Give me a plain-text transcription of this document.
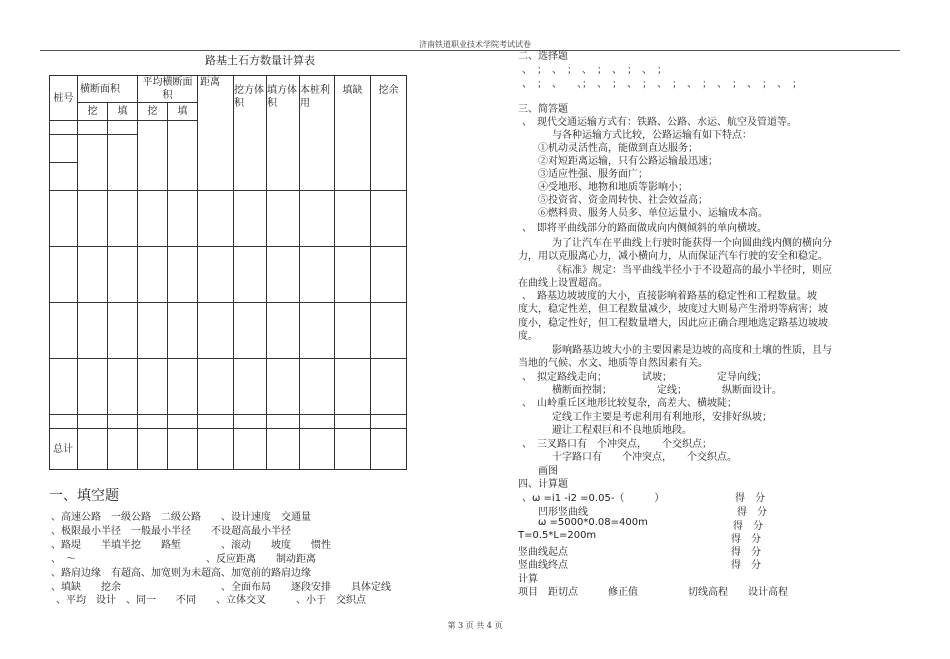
济南铁道职业技术学院考试试卷
路基土石方数量计算表
桩号	横断面积		平均横断面积		距离	挖方体积	填方体积	本桩利用	填缺	挖余
	挖	填	挖	填						

总计										
一、填空题
、高速公路　一级公路　二级公路　　、设计速度　交通量
、极限最小半径　一般最小半径　　不设超高最小半径
、路堤　　半填半挖　　路堑　　　　、滚动　　坡度　　惯性
、　～　　　　　　　　　　　　　、反应距离　　制动距离
、路肩边缘　有超高、加宽则为未超高、加宽前的路肩边缘
、填缺　　挖余　　　　　　　　　　、全面布局　　逐段安排　　具体定线
、平均　设计　、同一　　不同　　、立体交叉　　　、小于　交织点
二、选择题
、　；　、　；　、　；　、　；　、　；
、　；　、　　、；　、　；　、　；　、　；　、　；　、　；　、　；　、　；
三、简答题
、　现代交通运输方式有：铁路、公路、水运、航空及管道等。
与各种运输方式比较，公路运输有如下特点：
①机动灵活性高，能做到直达服务；
②对短距离运输，只有公路运输最迅速；
③适应性强、服务面广；
④受地形、地物和地质等影响小；
⑤投资省、资金周转快、社会效益高；
⑥燃料贵、服务人员多、单位运量小、运输成本高。
、　即将平曲线部分的路面做成向内侧倾斜的单向横坡。
为了让汽车在平曲线上行驶时能获得一个向圆曲线内侧的横向分
力，用以克服离心力，减小横向力，从而保证汽车行驶的安全和稳定。
《标准》规定：当平曲线半径小于不设超高的最小半径时，则应
在曲线上设置超高。
、　路基边坡坡度的大小，直接影响着路基的稳定性和工程数量。坡
度大，稳定性差，但工程数量减少，坡度过大则易产生滑坍等病害；坡
度小，稳定性好，但工程数量增大，因此应正确合理地选定路基边坡坡
度。
影响路基边坡大小的主要因素是边坡的高度和土壤的性质，且与
当地的气候、水文、地质等自然因素有关。
、　拟定路线走向；　　　　试坡；　　　　　定导向线；
横断面控制；　　　　　定线；　　　　纵断面设计。
、　山岭重丘区地形比较复杂，高差大、横坡陡；
定线工作主要是考虑利用有利地形，安排好纵坡；
避让工程艰巨和不良地质地段。
、　三叉路口有　个冲突点，　　个交织点；
十字路口有　　个冲突点，　　个交织点。
画图
四、计算题
、ω =i1 -i2 =0.05-（　　　）
凹形竖曲线
ω =5000*0.08=400m
T=0.5*L=200m
竖曲线起点
竖曲线终点
计算
项目　距切点　　　修正值　　　　　切线高程　　设计高程
得　分
得　分
得　分
得　分
得　分
得　分
第 3 页 共 4 页
